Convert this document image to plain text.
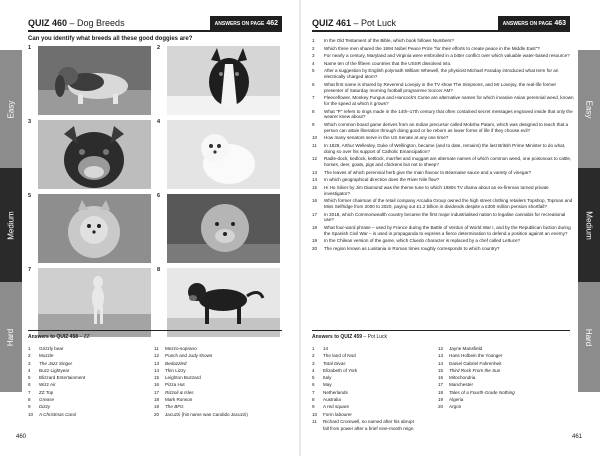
QUIZ 460 – Dog Breeds	ANSWERS ON PAGE 462
Can you identify what breeds all these good doggies are?
1	2
3	4
5	6
7	8
Answers to QUIZ 458 – ZZ
1	Grizzly bear
2	Muzzle
3	The Jazz Singer
4	Buzz Lightyear
5	Blizzard Entertainment
6	Wizz Air
7	ZZ Top
8	Grease
9	Dizzy
10	A Christmas Carol
11	Mezzo-soprano
12	Punch and Judy shows
13	Bedazzled
14	Thin Lizzy
15	Leighton Buzzard
16	Pizza Hut
17	Rizzoli & Isles
18	Mark Ronson
19	The BFG
20	Jacuzzi (his name was Candido Jacuzzi)
Easy
Medium
Hard
460
QUIZ 461 – Pot Luck	ANSWERS ON PAGE 463
1	In the Old Testament of the Bible, which book follows Numbers?
2	Which three men shared the 1994 Nobel Peace Prize "for their efforts to create peace in the Middle East"?
3	For nearly a century, Maryland and Virginia were embroiled in a bitter conflict over which valuable water-based resource?
4	Name ten of the fifteen countries that the USSR dissolved into.
5	After a suggestion by English polymath William Whewell, the physicist Michael Faraday introduced what term for an electrically charged atom?
6	What first name is shared by Reverend Lovejoy in the TV show The Simpsons, and Mr Lovejoy, the real-life former presenter of Saturday morning football programme Soccer AM?
7	Fleeceflower, Monkey Fungus and Hancock's Curse are alternative names for which invasive Asian perennial weed, known for the speed at which it grows?
8	What "P" refers to rings made in the 14th–17th century that often contained secret messages engraved inside that only the wearer knew about?
9	Which common board game derives from an Indian precursor called Moksha Patam, which was designed to teach that a person can attain liberation through doing good or be reborn as lower forms of life if they choose evil?
10	How many senators serve in the US Senate at any one time?
11	In 1829, Arthur Wellesley, Duke of Wellington, became (and to date, remains) the last British Prime Minister to do what, doing so over his support of Catholic Emancipation?
12	Radle-dock, kedlock, kettlock, marrfiet and muggart are alternate names of which common weed, one poisonous to cattle, horses, deer, goats, pigs and chickens but not to sheep?
13	The leaves of which perennial herb give the main flavour to Béarnaise sauce and a variety of vinegar?
14	In which geographical direction does the River Nile flow?
15	Hi Ho Silver by Jim Diamond was the theme tune to which 1980s TV drama about an ex-fireman turned private investigator?
16	Which former chairman of the retail company Arcadia Group owned the high street clothing retailers Topshop, Topman and Miss Selfridge from 2000 to 2020, paying out £1.2 billion in dividends despite a £300 million pension shortfall?
17	In 2018, which Commonwealth country became the first major industrialised nation to legalise cannabis for recreational use?
18	What four-word phrase – used by France during the Battle of Verdun of World War I, and by the Republican faction during the Spanish Civil War – is used in propaganda to express a fierce determination to defend a position against an enemy?
19	In the Chilean version of the game, which Cluedo character is replaced by a chef called Lettuce?
20	The region known as Lusitania in Roman times roughly corresponds to which country?
Answers to QUIZ 459 – Pot Luck
1	14
2	The land of Nod
3	Total Divas
4	Elizabeth of York
5	Italy
6	May
7	Netherlands
8	Australia
9	A red square
10	Form labourer
11	Richard Cromwell, so named after his abrupt
fall from power after a brief nine-month reign
12	Jayne Mansfield
13	Hans Holbein the Younger
14	Daniel Gabriel Fahrenheit
15	Third Rock From the Sun
16	Mitochondria
17	Manchester
18	Tales of a Fourth-Grade Nothing
19	Algeria
20	Argon
Easy
Medium
Hard
461
